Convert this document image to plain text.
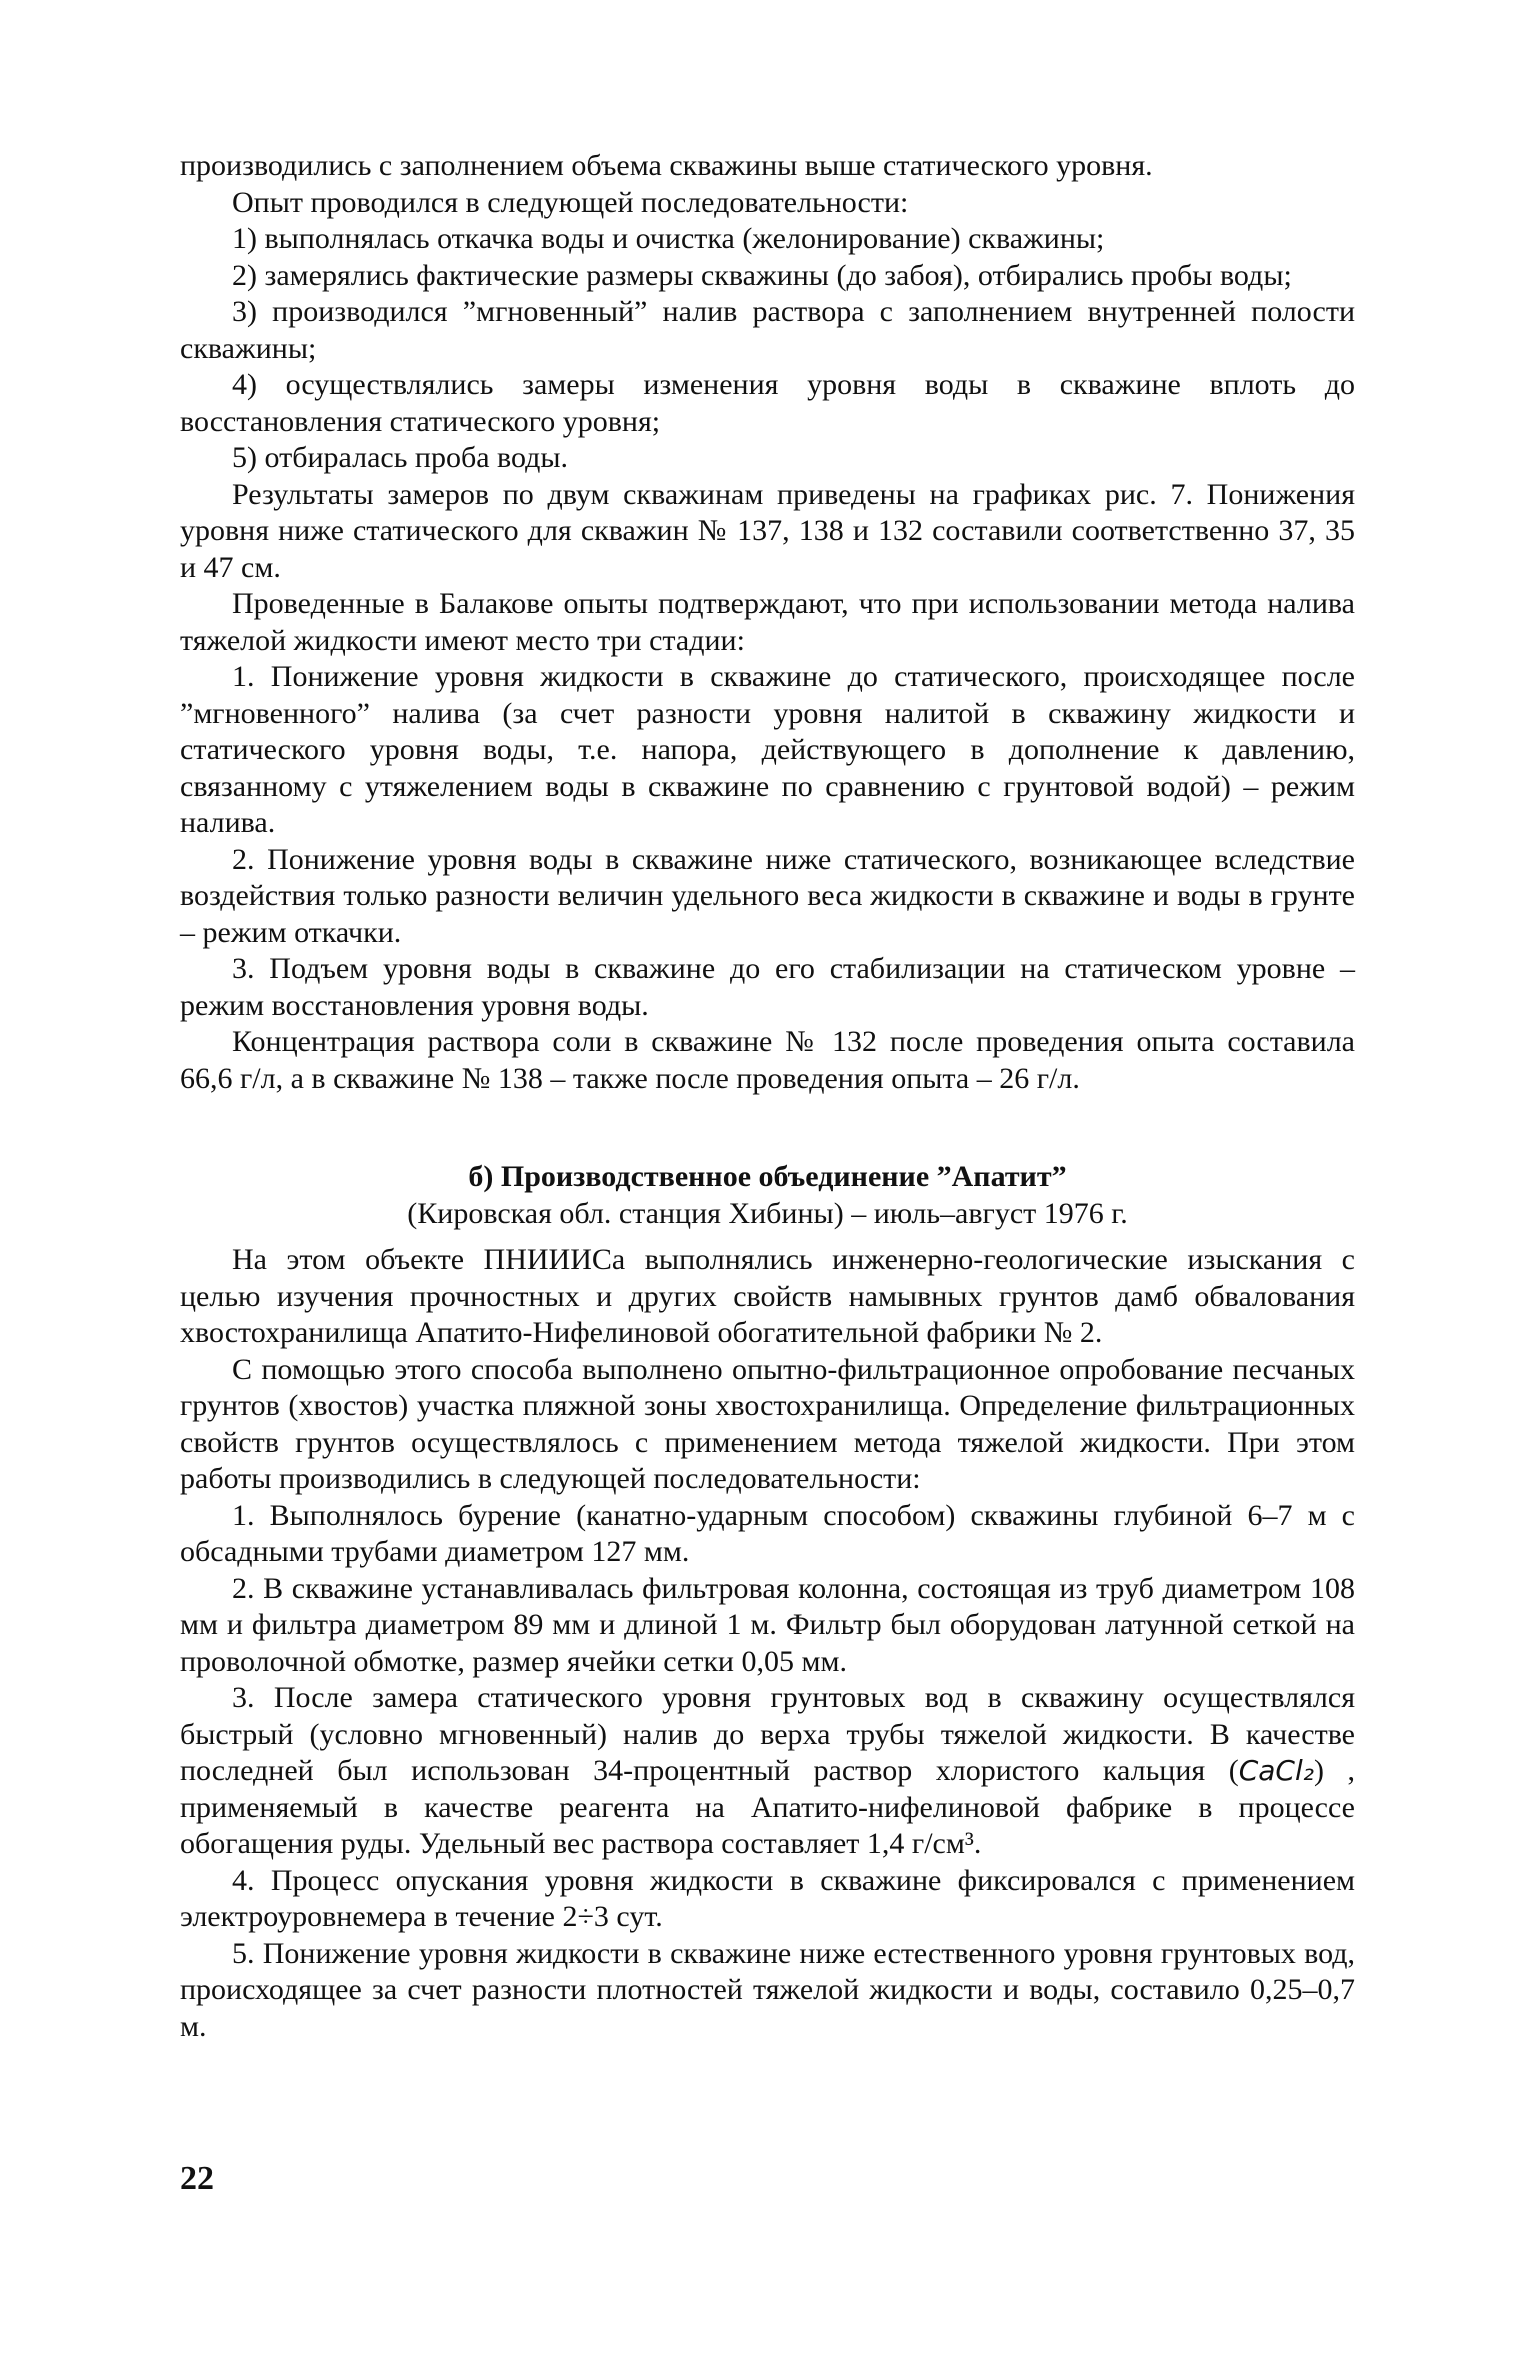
производились с заполнением объема скважины выше статического уровня.

Опыт проводился в следующей последовательности:

1) выполнялась откачка воды и очистка (желонирование) скважины;

2) замерялись фактические размеры скважины (до забоя), отбирались пробы воды;

3) производился ”мгновенный” налив раствора с заполнением внутренней полости скважины;

4) осуществлялись замеры изменения уровня воды в скважине вплоть до восстановления статического уровня;

5) отбиралась проба воды.

Результаты замеров по двум скважинам приведены на графиках рис. 7. Понижения уровня ниже статического для скважин № 137, 138 и 132 составили соответственно 37, 35 и 47 см.

Проведенные в Балакове опыты подтверждают, что при использовании метода налива тяжелой жидкости имеют место три стадии:

1. Понижение уровня жидкости в скважине до статического, происходящее после ”мгновенного” налива (за счет разности уровня налитой в скважину жидкости и статического уровня воды, т.е. напора, действующего в дополнение к давлению, связанному с утяжелением воды в скважине по сравнению с грунтовой водой) – режим налива.

2. Понижение уровня воды в скважине ниже статического, возникающее вследствие воздействия только разности величин удельного веса жидкости в скважине и воды в грунте – режим откачки.

3. Подъем уровня воды в скважине до его стабилизации на статическом уровне – режим восстановления уровня воды.

Концентрация раствора соли в скважине № 132 после проведения опыта составила 66,6 г/л, а в скважине № 138 – также после проведения опыта – 26 г/л.

б) Производственное объединение ”Апатит”
(Кировская обл. станция Хибины) – июль–август 1976 г.

На этом объекте ПНИИИСа выполнялись инженерно-геологические изыскания с целью изучения прочностных и других свойств намывных грунтов дамб обвалования хвостохранилища Апатито-Нифелиновой обогатительной фабрики № 2.

С помощью этого способа выполнено опытно-фильтрационное опробование песчаных грунтов (хвостов) участка пляжной зоны хвостохранилища. Определение фильтрационных свойств грунтов осуществлялось с применением метода тяжелой жидкости. При этом работы производились в следующей последовательности:

1. Выполнялось бурение (канатно-ударным способом) скважины глубиной 6–7 м с обсадными трубами диаметром 127 мм.

2. В скважине устанавливалась фильтровая колонна, состоящая из труб диаметром 108 мм и фильтра диаметром 89 мм и длиной 1 м. Фильтр был оборудован латунной сеткой на проволочной обмотке, размер ячейки сетки 0,05 мм.

3. После замера статического уровня грунтовых вод в скважину осуществлялся быстрый (условно мгновенный) налив до верха трубы тяжелой жидкости. В качестве последней был использован 34-процентный раствор хлористого кальция (CaCl₂) , применяемый в качестве реагента на Апатито-нифелиновой фабрике в процессе обогащения руды. Удельный вес раствора составляет 1,4 г/см³.

4. Процесс опускания уровня жидкости в скважине фиксировался с применением электроуровнемера в течение 2÷3 сут.

5. Понижение уровня жидкости в скважине ниже естественного уровня грунтовых вод, происходящее за счет разности плотностей тяжелой жидкости и воды, составило 0,25–0,7 м.

22
